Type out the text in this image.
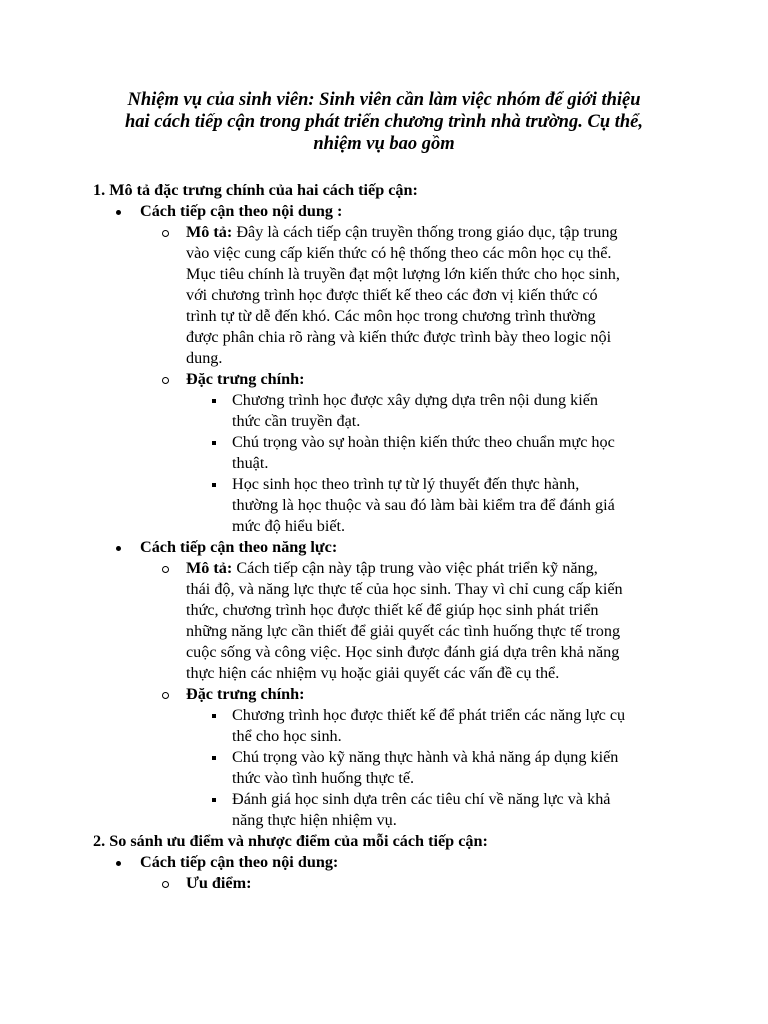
Nhiệm vụ của sinh viên: Sinh viên cần làm việc nhóm để giới thiệu
hai cách tiếp cận trong phát triển chương trình nhà trường. Cụ thể,
nhiệm vụ bao gồm
1. Mô tả đặc trưng chính của hai cách tiếp cận:
Cách tiếp cận theo nội dung :
Mô tả: Đây là cách tiếp cận truyền thống trong giáo dục, tập trung
vào việc cung cấp kiến thức có hệ thống theo các môn học cụ thể.
Mục tiêu chính là truyền đạt một lượng lớn kiến thức cho học sinh,
với chương trình học được thiết kế theo các đơn vị kiến thức có
trình tự từ dễ đến khó. Các môn học trong chương trình thường
được phân chia rõ ràng và kiến thức được trình bày theo logic nội
dung.
Đặc trưng chính:
Chương trình học được xây dựng dựa trên nội dung kiến
thức cần truyền đạt.
Chú trọng vào sự hoàn thiện kiến thức theo chuẩn mực học
thuật.
Học sinh học theo trình tự từ lý thuyết đến thực hành,
thường là học thuộc và sau đó làm bài kiểm tra để đánh giá
mức độ hiểu biết.
Cách tiếp cận theo năng lực:
Mô tả: Cách tiếp cận này tập trung vào việc phát triển kỹ năng,
thái độ, và năng lực thực tế của học sinh. Thay vì chỉ cung cấp kiến
thức, chương trình học được thiết kế để giúp học sinh phát triển
những năng lực cần thiết để giải quyết các tình huống thực tế trong
cuộc sống và công việc. Học sinh được đánh giá dựa trên khả năng
thực hiện các nhiệm vụ hoặc giải quyết các vấn đề cụ thể.
Đặc trưng chính:
Chương trình học được thiết kế để phát triển các năng lực cụ
thể cho học sinh.
Chú trọng vào kỹ năng thực hành và khả năng áp dụng kiến
thức vào tình huống thực tế.
Đánh giá học sinh dựa trên các tiêu chí về năng lực và khả
năng thực hiện nhiệm vụ.
2. So sánh ưu điểm và nhược điểm của mỗi cách tiếp cận:
Cách tiếp cận theo nội dung:
Ưu điểm:
